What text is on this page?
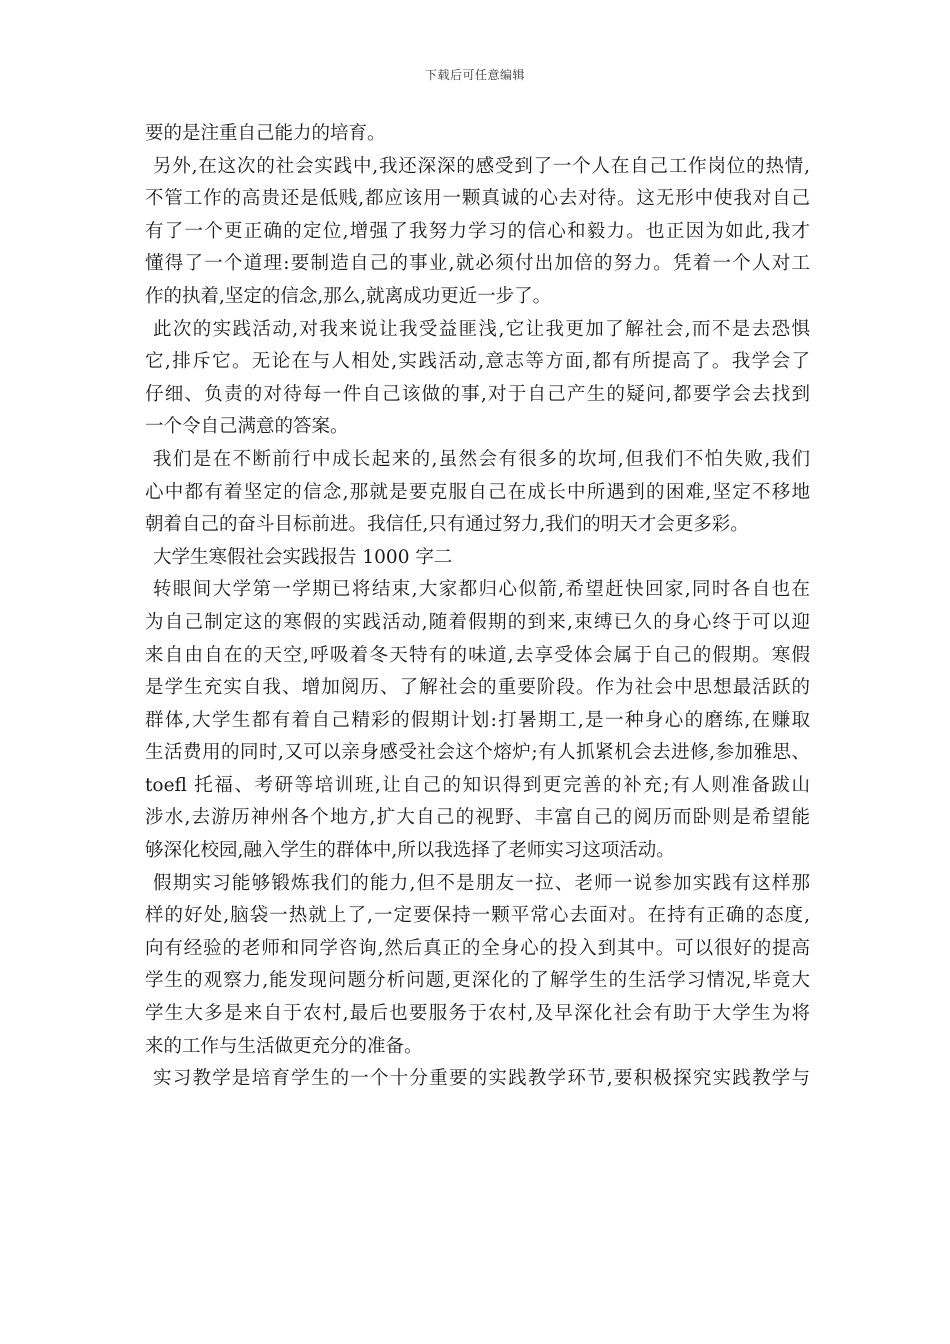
下载后可任意编辑
要的是注重自己能力的培育。
另外,在这次的社会实践中,我还深深的感受到了一个人在自己工作岗位的热情,
不管工作的高贵还是低贱,都应该用一颗真诚的心去对待。这无形中使我对自己
有了一个更正确的定位,增强了我努力学习的信心和毅力。也正因为如此,我才
懂得了一个道理:要制造自己的事业,就必须付出加倍的努力。凭着一个人对工
作的执着,坚定的信念,那么,就离成功更近一步了。
此次的实践活动,对我来说让我受益匪浅,它让我更加了解社会,而不是去恐惧
它,排斥它。无论在与人相处,实践活动,意志等方面,都有所提高了。我学会了
仔细、负责的对待每一件自己该做的事,对于自己产生的疑问,都要学会去找到
一个令自己满意的答案。
我们是在不断前行中成长起来的,虽然会有很多的坎坷,但我们不怕失败,我们
心中都有着坚定的信念,那就是要克服自己在成长中所遇到的困难,坚定不移地
朝着自己的奋斗目标前进。我信任,只有通过努力,我们的明天才会更多彩。
大学生寒假社会实践报告 1000 字二
转眼间大学第一学期已将结束,大家都归心似箭,希望赶快回家,同时各自也在
为自己制定这的寒假的实践活动,随着假期的到来,束缚已久的身心终于可以迎
来自由自在的天空,呼吸着冬天特有的味道,去享受体会属于自己的假期。寒假
是学生充实自我、增加阅历、了解社会的重要阶段。作为社会中思想最活跃的
群体,大学生都有着自己精彩的假期计划:打暑期工,是一种身心的磨练,在赚取
生活费用的同时,又可以亲身感受社会这个熔炉;有人抓紧机会去进修,参加雅思、
toefl 托福、考研等培训班,让自己的知识得到更完善的补充;有人则准备跋山
涉水,去游历神州各个地方,扩大自己的视野、丰富自己的阅历而卧则是希望能
够深化校园,融入学生的群体中,所以我选择了老师实习这项活动。
假期实习能够锻炼我们的能力,但不是朋友一拉、老师一说参加实践有这样那
样的好处,脑袋一热就上了,一定要保持一颗平常心去面对。在持有正确的态度,
向有经验的老师和同学咨询,然后真正的全身心的投入到其中。可以很好的提高
学生的观察力,能发现问题分析问题,更深化的了解学生的生活学习情况,毕竟大
学生大多是来自于农村,最后也要服务于农村,及早深化社会有助于大学生为将
来的工作与生活做更充分的准备。
实习教学是培育学生的一个十分重要的实践教学环节,要积极探究实践教学与
